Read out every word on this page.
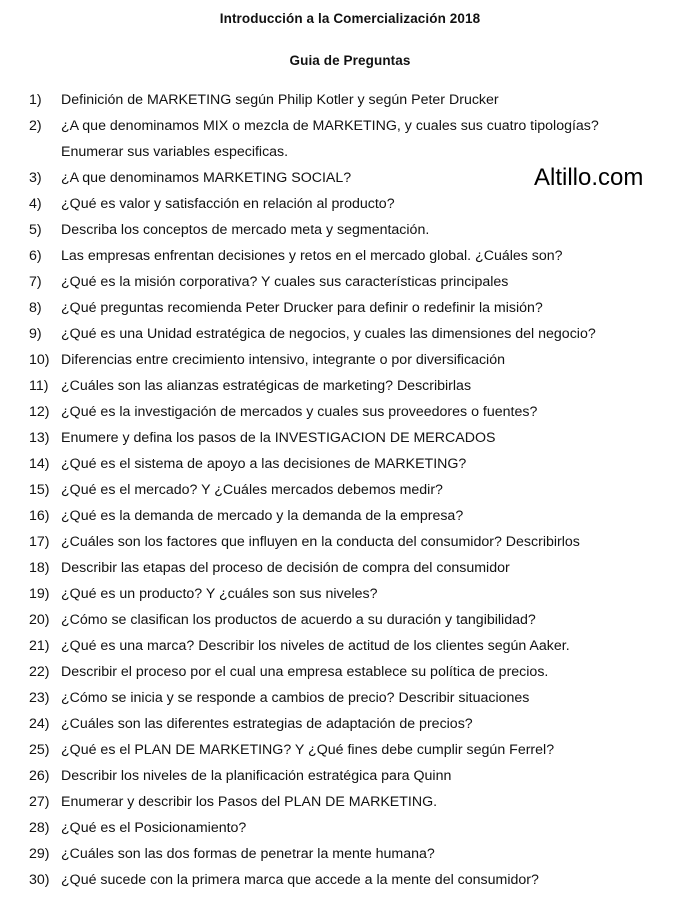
Introducción a la Comercialización 2018
Guia de Preguntas
Altillo.com
1) Definición de MARKETING según Philip Kotler y según Peter Drucker
2) ¿A que denominamos MIX o mezcla de MARKETING, y cuales sus cuatro tipologías?
Enumerar sus variables especificas.
3) ¿A que denominamos MARKETING SOCIAL?
4) ¿Qué es valor y satisfacción en relación al producto?
5) Describa los conceptos de mercado meta y segmentación.
6) Las empresas enfrentan decisiones y retos en el mercado global. ¿Cuáles son?
7) ¿Qué es la misión corporativa? Y cuales sus características principales
8) ¿Qué preguntas recomienda Peter Drucker para definir o redefinir la misión?
9) ¿Qué es una Unidad estratégica de negocios, y cuales las dimensiones del negocio?
10) Diferencias entre crecimiento intensivo, integrante o por diversificación
11) ¿Cuáles son las alianzas estratégicas de marketing? Describirlas
12) ¿Qué es la investigación de mercados y cuales sus proveedores o fuentes?
13) Enumere y defina los pasos de la INVESTIGACION DE MERCADOS
14) ¿Qué es el sistema de apoyo a las decisiones de MARKETING?
15) ¿Qué es el mercado? Y ¿Cuáles mercados debemos medir?
16) ¿Qué es la demanda de mercado y la demanda de la empresa?
17) ¿Cuáles son los factores que influyen en la conducta del consumidor? Describirlos
18) Describir las etapas del proceso de decisión de compra del consumidor
19) ¿Qué es un producto? Y ¿cuáles son sus niveles?
20) ¿Cómo se clasifican los productos de acuerdo a su duración y tangibilidad?
21) ¿Qué es una marca? Describir los niveles de actitud de los clientes según Aaker.
22) Describir el proceso por el cual una empresa establece su política de precios.
23) ¿Cómo se inicia y se responde a cambios de precio? Describir situaciones
24) ¿Cuáles son las diferentes estrategias de adaptación de precios?
25) ¿Qué es el PLAN DE MARKETING? Y ¿Qué fines debe cumplir según Ferrel?
26) Describir los niveles de la planificación estratégica para Quinn
27) Enumerar y describir los Pasos del PLAN DE MARKETING.
28) ¿Qué es el Posicionamiento?
29) ¿Cuáles son las dos formas de penetrar la mente humana?
30) ¿Qué sucede con la primera marca que accede a la mente del consumidor?
